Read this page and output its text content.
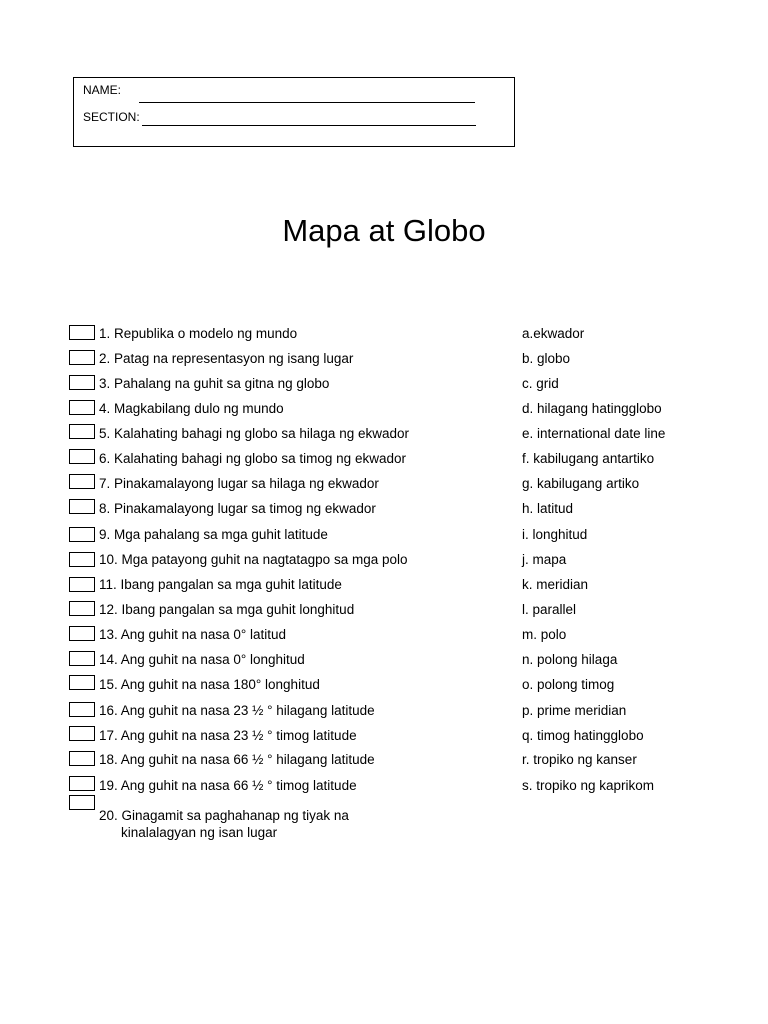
NAME:
SECTION:
Mapa at Globo
1. Republika o modelo ng mundo
2. Patag na representasyon ng isang lugar
3. Pahalang na guhit sa gitna ng globo
4. Magkabilang dulo ng mundo
5. Kalahating bahagi ng globo sa hilaga ng ekwador
6. Kalahating bahagi ng globo sa timog ng ekwador
7. Pinakamalayong lugar sa hilaga ng ekwador
8. Pinakamalayong lugar sa timog ng ekwador
9. Mga pahalang sa mga guhit latitude
10. Mga patayong guhit na nagtatagpo sa mga polo
11. Ibang pangalan sa mga guhit latitude
12. Ibang pangalan sa mga guhit longhitud
13. Ang guhit na nasa 0° latitud
14. Ang guhit na nasa 0° longhitud
15. Ang guhit na nasa 180° longhitud
16. Ang guhit na nasa 23 ½ ° hilagang latitude
17. Ang guhit na nasa 23 ½ ° timog latitude
18. Ang guhit na nasa 66 ½ ° hilagang latitude
19. Ang guhit na nasa 66 ½ ° timog latitude
a.ekwador
b. globo
c. grid
d. hilagang hatingglobo
e. international date line
f. kabilugang antartiko
g. kabilugang artiko
h. latitud
i. longhitud
j. mapa
k. meridian
l. parallel
m. polo
n. polong hilaga
o. polong timog
p. prime meridian
q. timog hatingglobo
r. tropiko ng kanser
s. tropiko ng kaprikom
20. Ginagamit sa paghahanap ng tiyak na
kinalalagyan ng isan lugar
